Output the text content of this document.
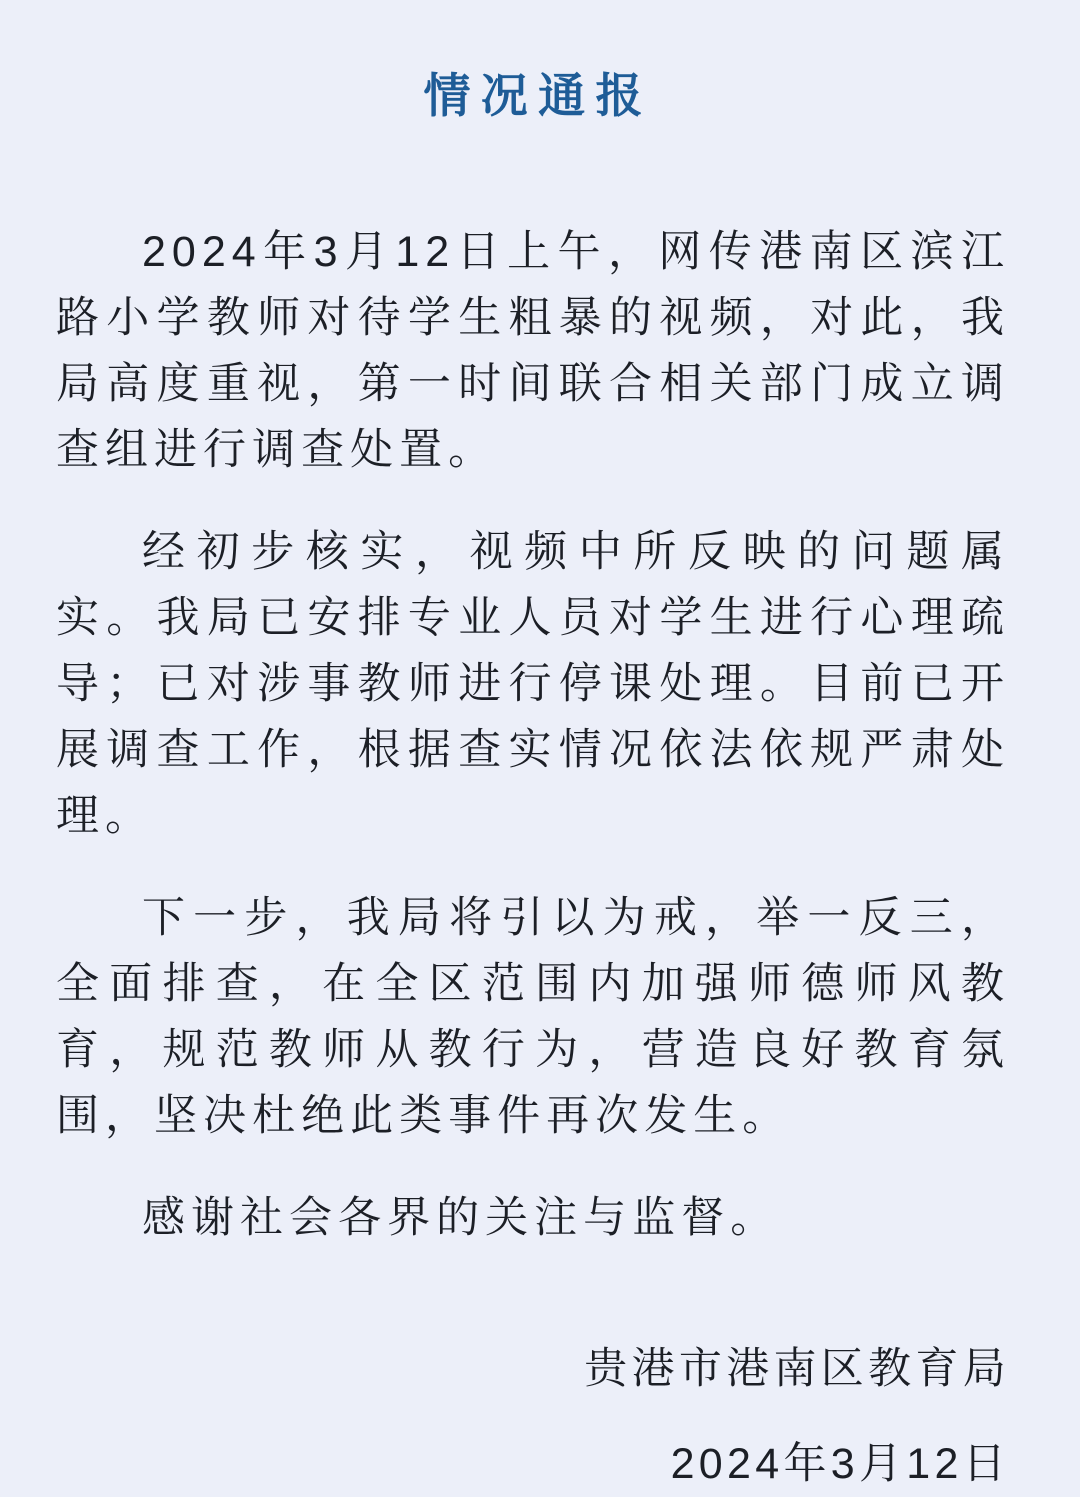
情况通报

2024年3月12日上午，网传港南区滨江路小学教师对待学生粗暴的视频，对此，我局高度重视，第一时间联合相关部门成立调查组进行调查处置。

经初步核实，视频中所反映的问题属实。我局已安排专业人员对学生进行心理疏导；已对涉事教师进行停课处理。目前已开展调查工作，根据查实情况依法依规严肃处理。

下一步，我局将引以为戒，举一反三，全面排查，在全区范围内加强师德师风教育，规范教师从教行为，营造良好教育氛围，坚决杜绝此类事件再次发生。

感谢社会各界的关注与监督。

贵港市港南区教育局
2024年3月12日
